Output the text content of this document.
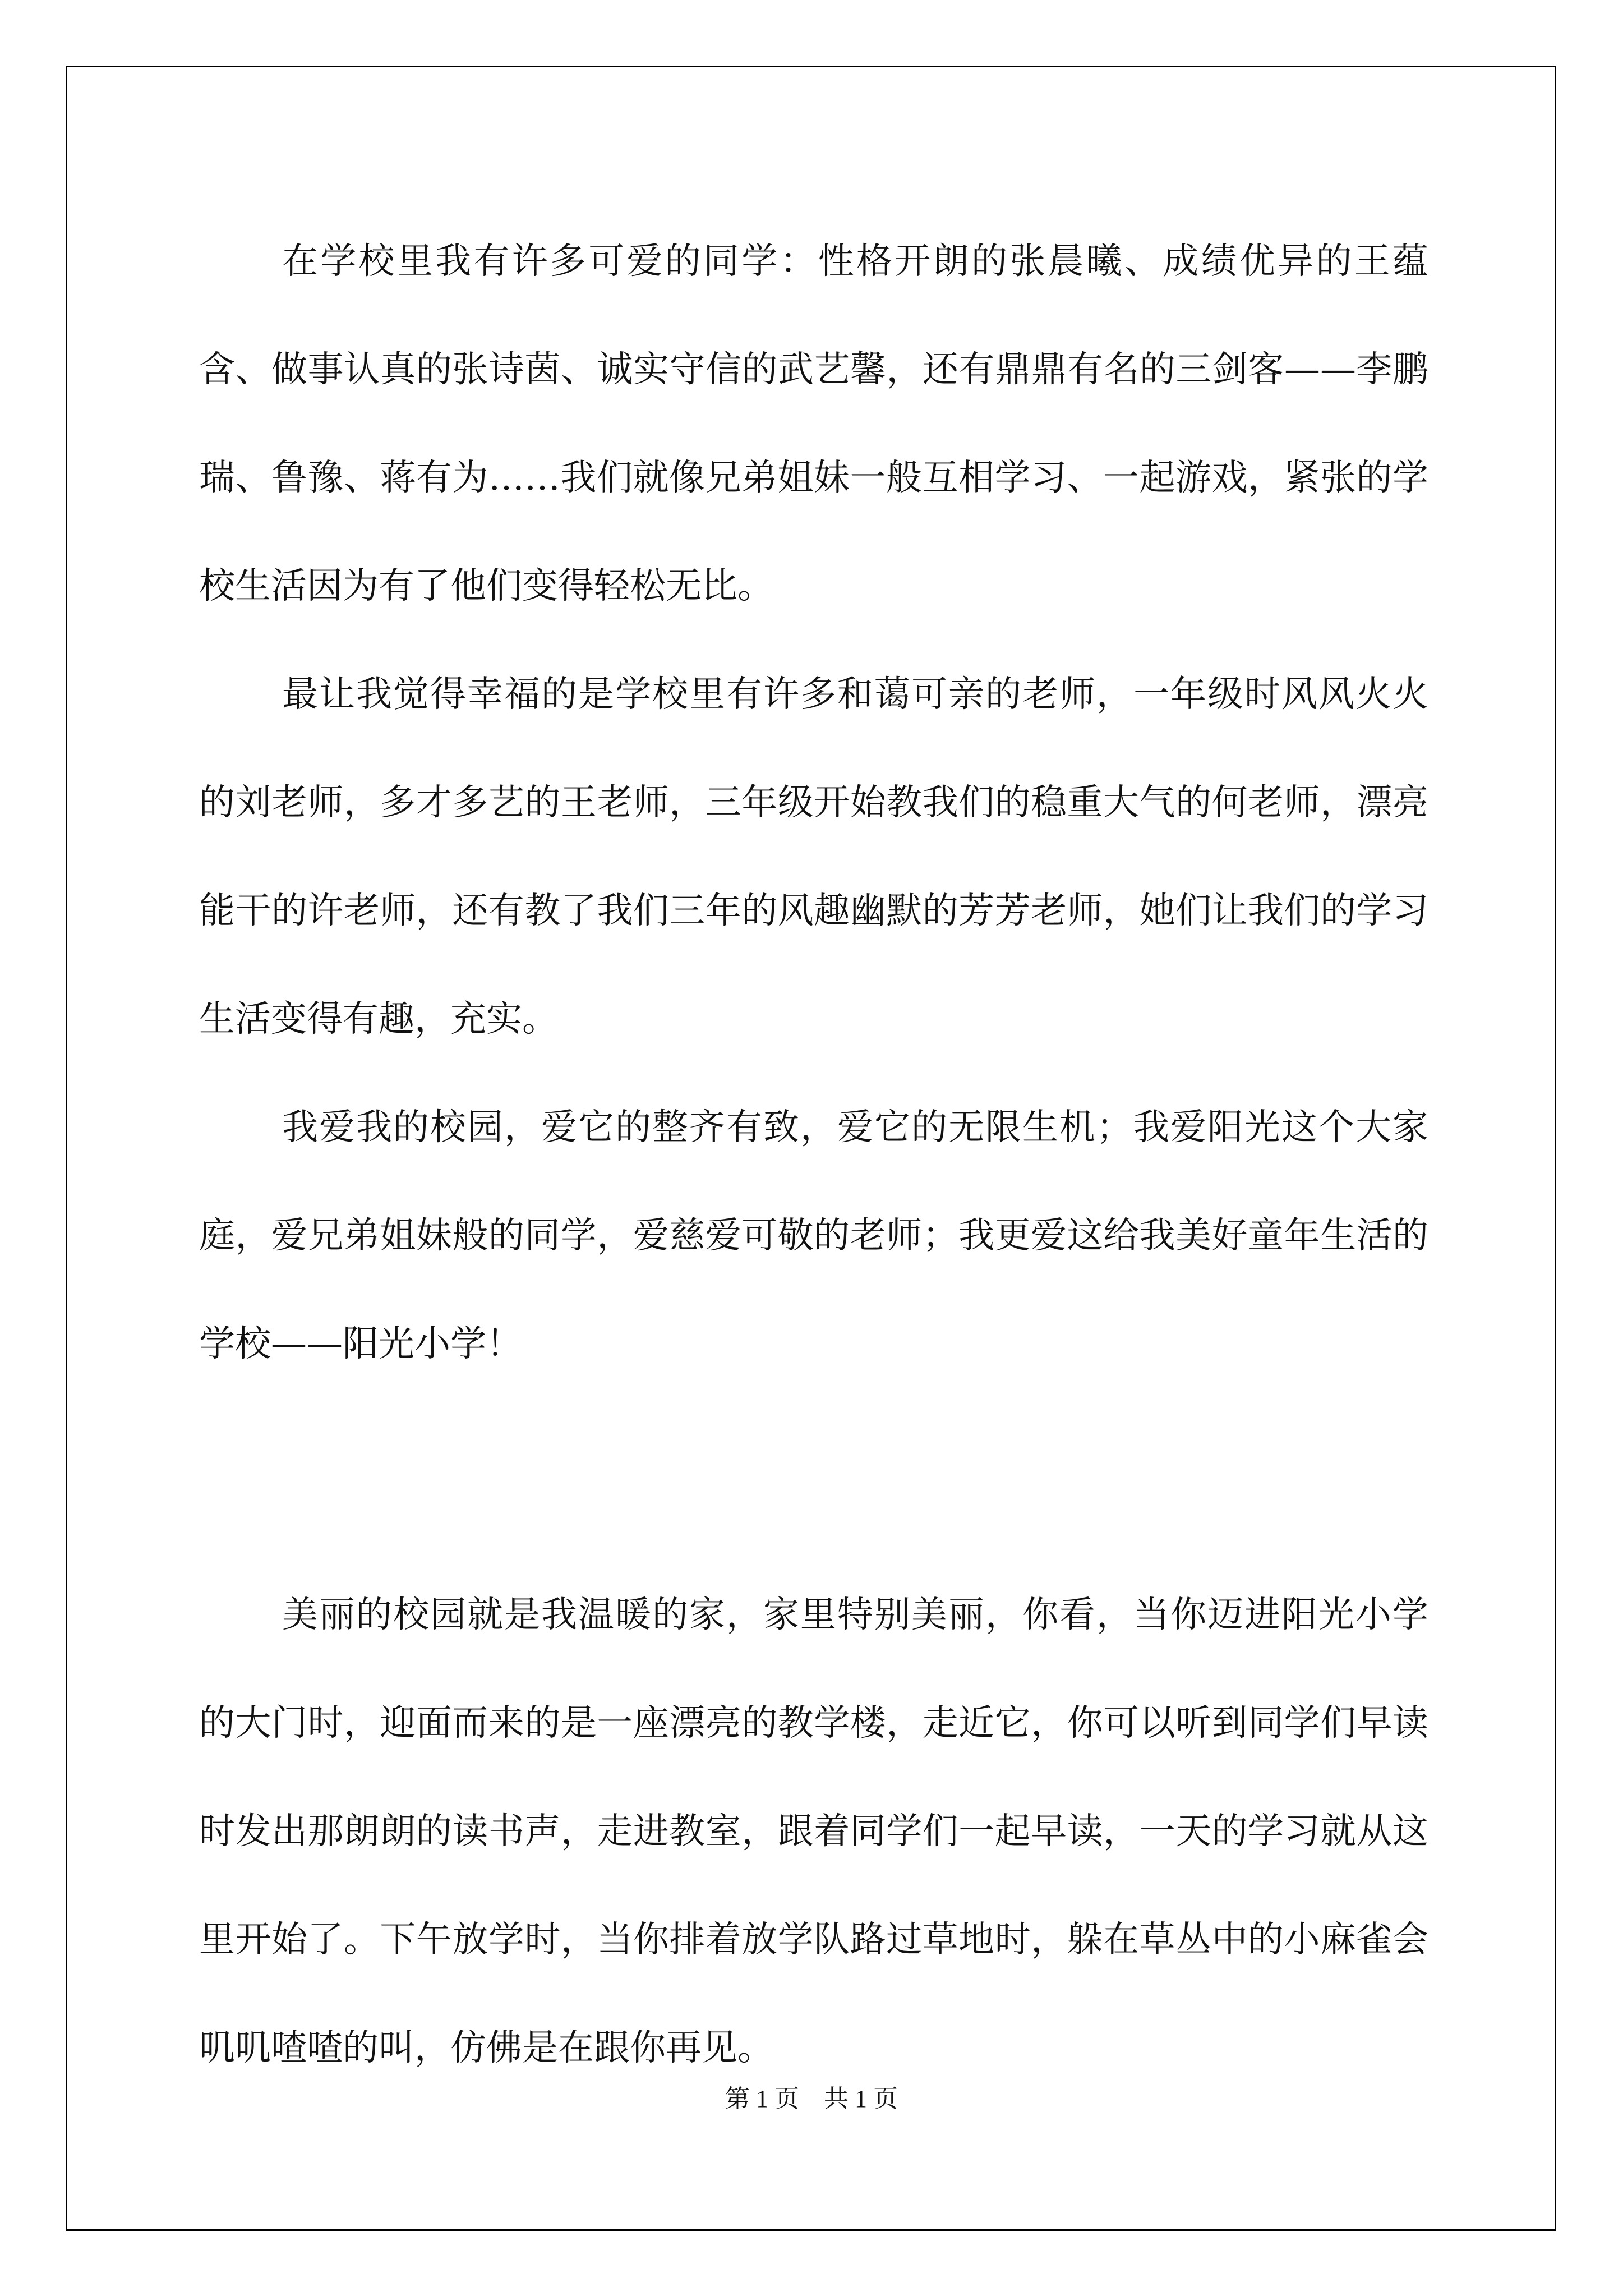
在学校里我有许多可爱的同学：性格开朗的张晨曦、成绩优异的王蕴含、做事认真的张诗茵、诚实守信的武艺馨，还有鼎鼎有名的三剑客——李鹏瑞、鲁豫、蒋有为……我们就像兄弟姐妹一般互相学习、一起游戏，紧张的学校生活因为有了他们变得轻松无比。

最让我觉得幸福的是学校里有许多和蔼可亲的老师，一年级时风风火火的刘老师，多才多艺的王老师，三年级开始教我们的稳重大气的何老师，漂亮能干的许老师，还有教了我们三年的风趣幽默的芳芳老师，她们让我们的学习生活变得有趣，充实。

我爱我的校园，爱它的整齐有致，爱它的无限生机；我爱阳光这个大家庭，爱兄弟姐妹般的同学，爱慈爱可敬的老师；我更爱这给我美好童年生活的学校——阳光小学！

美丽的校园就是我温暖的家，家里特别美丽，你看，当你迈进阳光小学的大门时，迎面而来的是一座漂亮的教学楼，走近它，你可以听到同学们早读时发出那朗朗的读书声，走进教室，跟着同学们一起早读，一天的学习就从这里开始了。下午放学时，当你排着放学队路过草地时，躲在草丛中的小麻雀会叽叽喳喳的叫，仿佛是在跟你再见。

第 1 页    共 1 页
